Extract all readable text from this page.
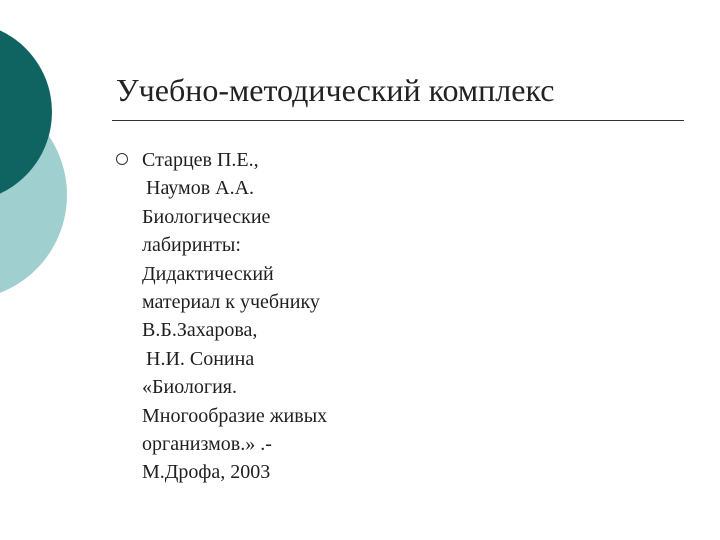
Учебно-методический комплекс
Старцев П.Е.,
Наумов А.А.
Биологические
лабиринты:
Дидактический
материал к учебнику
В.Б.Захарова,
Н.И. Сонина
«Биология.
Многообразие живых
организмов.» .-
М.Дрофа, 2003
